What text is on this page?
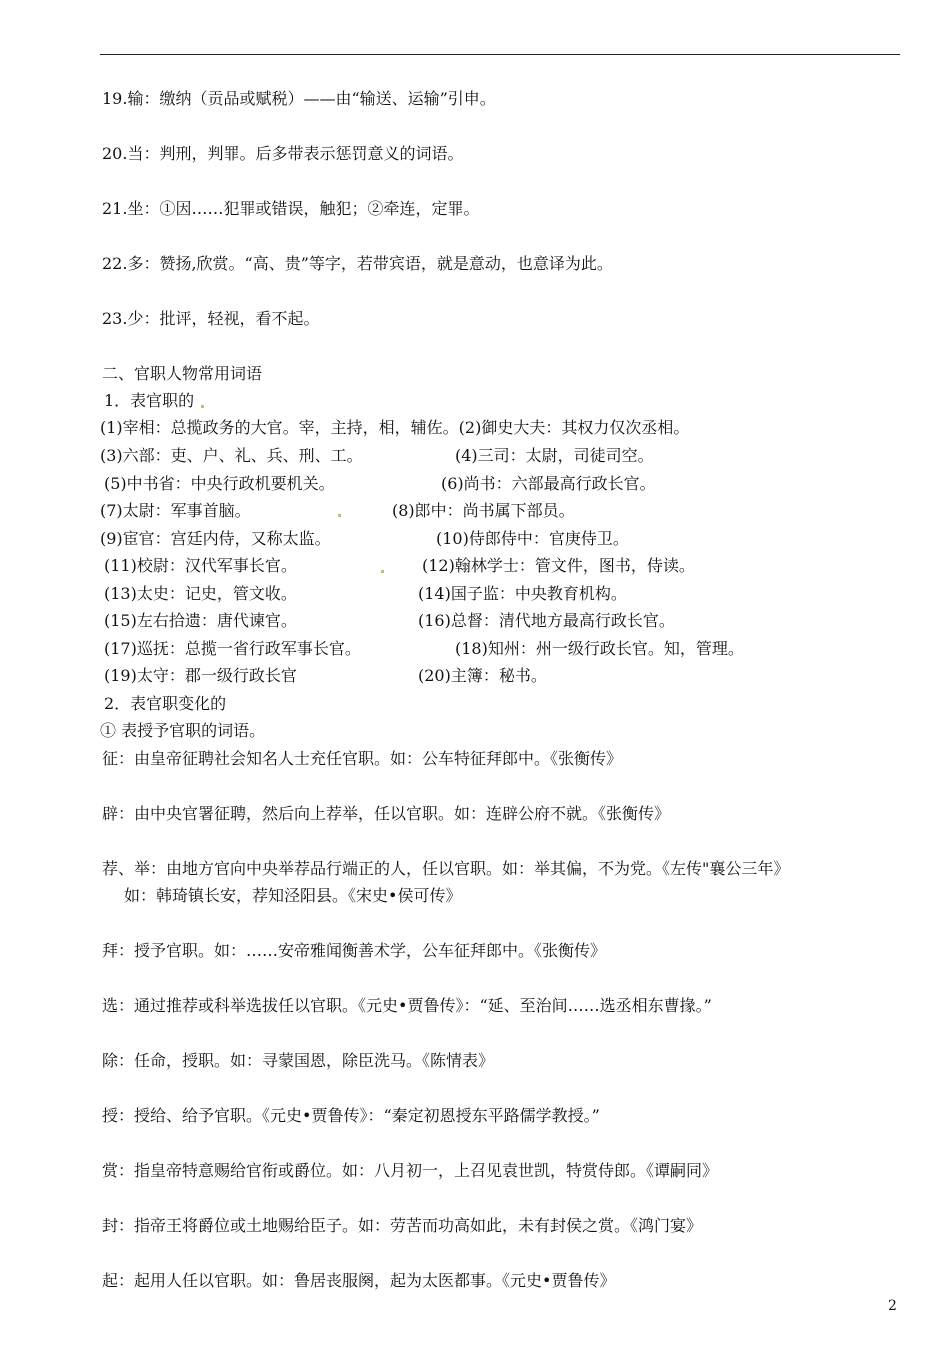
19.输：缴纳（贡品或赋税）——由“输送、运输”引申。
20.当：判刑，判罪。后多带表示惩罚意义的词语。
21.坐：①因……犯罪或错误，触犯；②牵连，定罪。
22.多：赞扬,欣赏。“高、贵”等字，若带宾语，就是意动，也意译为此。
23.少：批评，轻视，看不起。
二、官职人物常用词语
1．表官职的
(1)宰相：总揽政务的大官。宰，主持，相，辅佐。(2)御史大夫：其权力仅次丞相。
(3)六部：吏、户、礼、兵、刑、工。	(4)三司：太尉，司徒司空。
(5)中书省：中央行政机要机关。	(6)尚书：六部最高行政长官。
(7)太尉：军事首脑。	(8)郎中：尚书属下部员。
(9)宦官：宫廷内侍，又称太监。	(10)侍郎侍中：官庚侍卫。
(11)校尉：汉代军事长官。	(12)翰林学士：管文件，图书，侍读。
(13)太史：记史，管文收。	(14)国子监：中央教育机构。
(15)左右拾遗：唐代谏官。	(16)总督：清代地方最高行政长官。
(17)巡抚：总揽一省行政军事长官。	(18)知州：州一级行政长官。知，管理。
(19)太守：郡一级行政长官	(20)主簿：秘书。
2．表官职变化的
① 表授予官职的词语。
征：由皇帝征聘社会知名人士充任官职。如：公车特征拜郎中。《张衡传》
辟：由中央官署征聘，然后向上荐举，任以官职。如：连辟公府不就。《张衡传》
荐、举：由地方官向中央举荐品行端正的人，任以官职。如：举其偏，不为党。《左传"襄公三年》
如：韩琦镇长安，荐知泾阳县。《宋史•侯可传》
拜：授予官职。如：……安帝雅闻衡善术学，公车征拜郎中。《张衡传》
选：通过推荐或科举选拔任以官职。《元史•贾鲁传》：“延、至治间……选丞相东曹掾。”
除：任命，授职。如：寻蒙国恩，除臣洗马。《陈情表》
授：授给、给予官职。《元史•贾鲁传》：“秦定初恩授东平路儒学教授。”
赏：指皇帝特意赐给官衔或爵位。如：八月初一，上召见袁世凯，特赏侍郎。《谭嗣同》
封：指帝王将爵位或土地赐给臣子。如：劳苦而功高如此，未有封侯之赏。《鸿门宴》
起：起用人任以官职。如：鲁居丧服阕，起为太医都事。《元史•贾鲁传》
2
